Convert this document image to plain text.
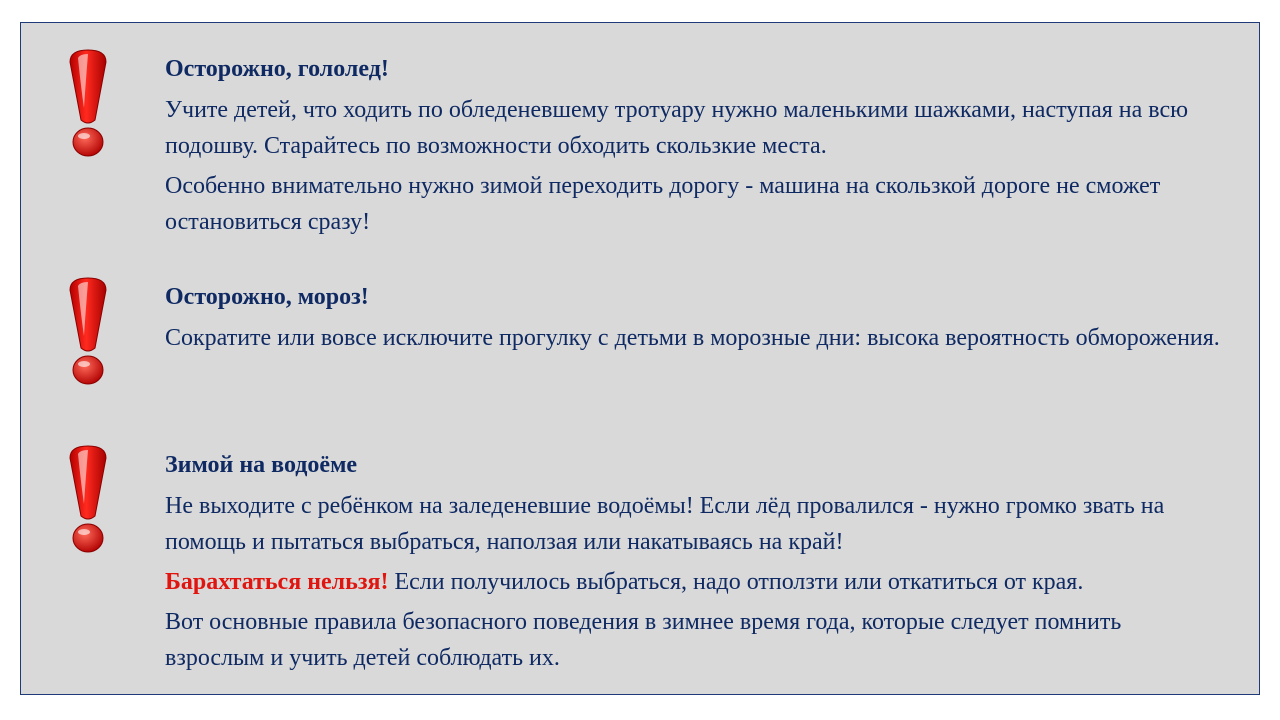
Осторожно, гололед!
Учите детей, что ходить по обледеневшему тротуару нужно маленькими шажками, наступая на всю подошву. Старайтесь по возможности обходить скользкие места.
Особенно внимательно нужно зимой переходить дорогу - машина на скользкой дороге не сможет остановиться сразу!
Осторожно, мороз!
Сократите или вовсе исключите прогулку с детьми в морозные дни: высока вероятность обморожения.
Зимой на водоёме
Не выходите с ребёнком на заледеневшие водоёмы! Если лёд провалился - нужно громко звать на помощь и пытаться выбраться, наползая или накатываясь на край!
Барахтаться нельзя! Если получилось выбраться, надо отползти или откатиться от края.
Вот основные правила безопасного поведения в зимнее время года, которые следует помнить взрослым и учить детей соблюдать их.
